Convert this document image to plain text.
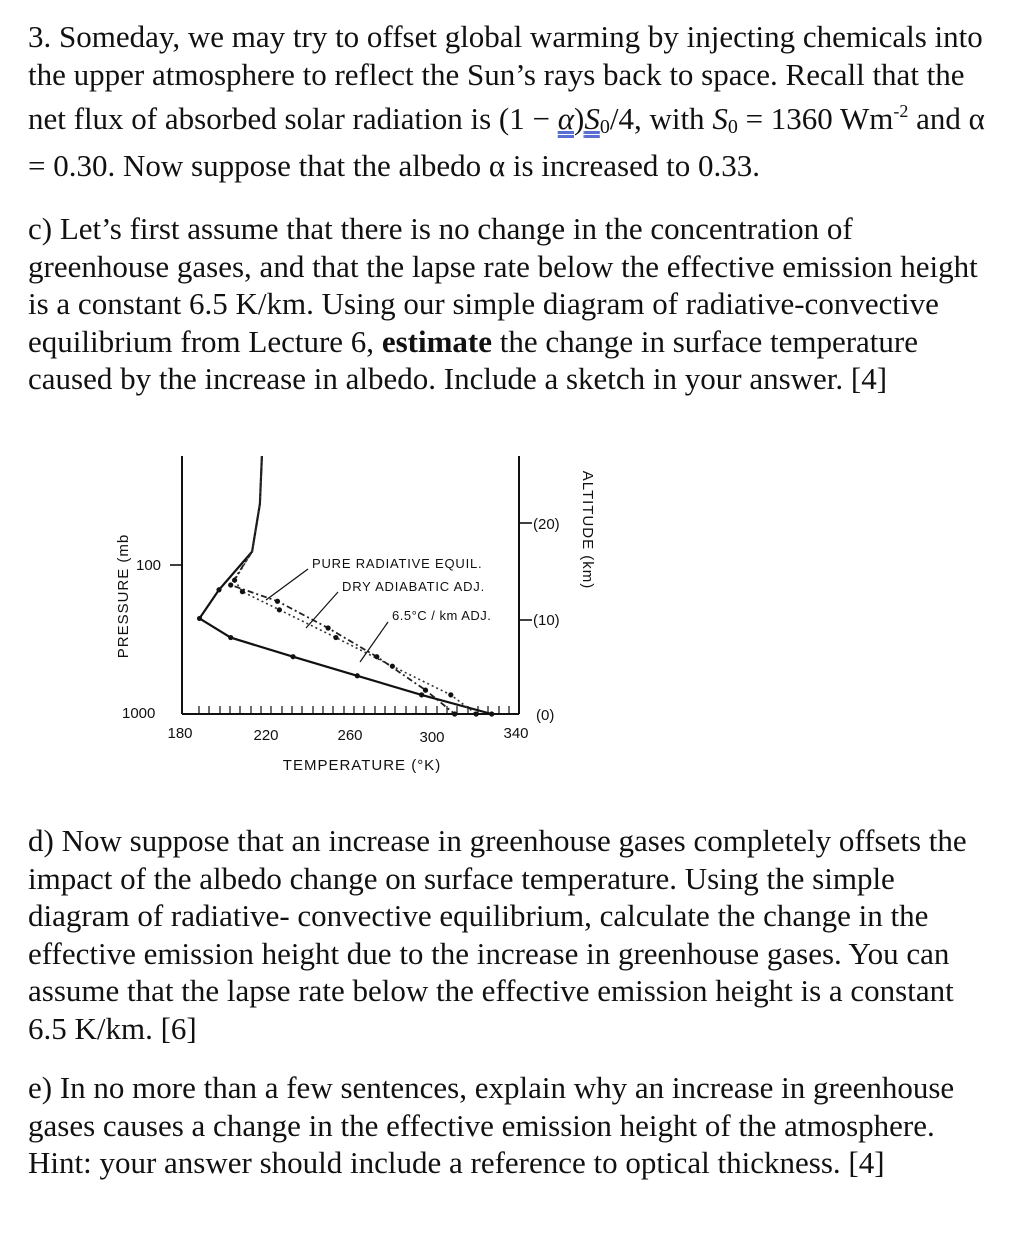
3. Someday, we may try to offset global warming by injecting chemicals into the upper atmosphere to reflect the Sun’s rays back to space. Recall that the net flux of absorbed solar radiation is $(1 - \alpha)S_0/4$, with $S_0 = 1360$ $Wm^{-2}$ and α = 0.30. Now suppose that the albedo α is increased to 0.33.

c) Let’s first assume that there is no change in the concentration of greenhouse gases, and that the lapse rate below the effective emission height is a constant 6.5 K/km. Using our simple diagram of radiative-convective equilibrium from Lecture 6, estimate the change in surface temperature caused by the increase in albedo. Include a sketch in your answer. [4]

d) Now suppose that an increase in greenhouse gases completely offsets the impact of the albedo change on surface temperature. Using the simple diagram of radiative- convective equilibrium, calculate the change in the effective emission height due to the increase in greenhouse gases. You can assume that the lapse rate below the effective emission height is a constant 6.5 K/km. [6]

e) In no more than a few sentences, explain why an increase in greenhouse gases causes a change in the effective emission height of the atmosphere. Hint: your answer should include a reference to optical thickness. [4]

PRESSURE (mb
ALTITUDE (km)
100
1000
(20)
(10)
(0)
180	220	260	300	340
TEMPERATURE (°K)
PURE RADIATIVE EQUIL.
DRY ADIABATIC ADJ.
6.5°C / km ADJ.
